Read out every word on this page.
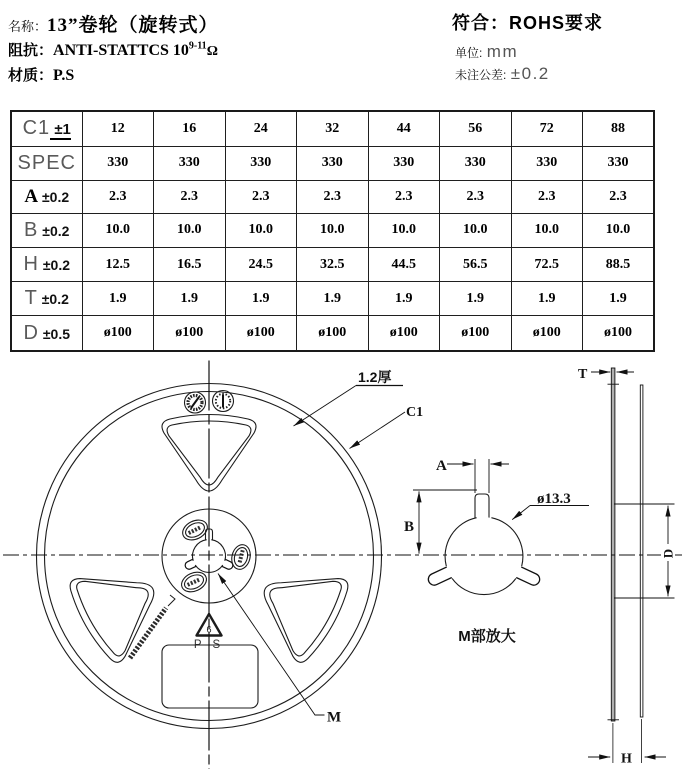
名称：13”卷轮（旋转式）
阻抗：ANTI-STATTCS 10$^{9-11}$Ω
材质：P.S
符合：ROHS要求
单位: mm
未注公差: ±0.2
C1 ±1	12	16	24	32	44	56	72	88
SPEC	330	330	330	330	330	330	330	330
A ±0.2	2.3	2.3	2.3	2.3	2.3	2.3	2.3	2.3
B ±0.2	10.0	10.0	10.0	10.0	10.0	10.0	10.0	10.0
H ±0.2	12.5	16.5	24.5	32.5	44.5	56.5	72.5	88.5
T ±0.2	1.9	1.9	1.9	1.9	1.9	1.9	1.9	1.9
D ±0.5	ø100	ø100	ø100	ø100	ø100	ø100	ø100	ø100
6
P S
1.2厚
C1
M
A
B
ø13.3
M部放大
T
D
H
